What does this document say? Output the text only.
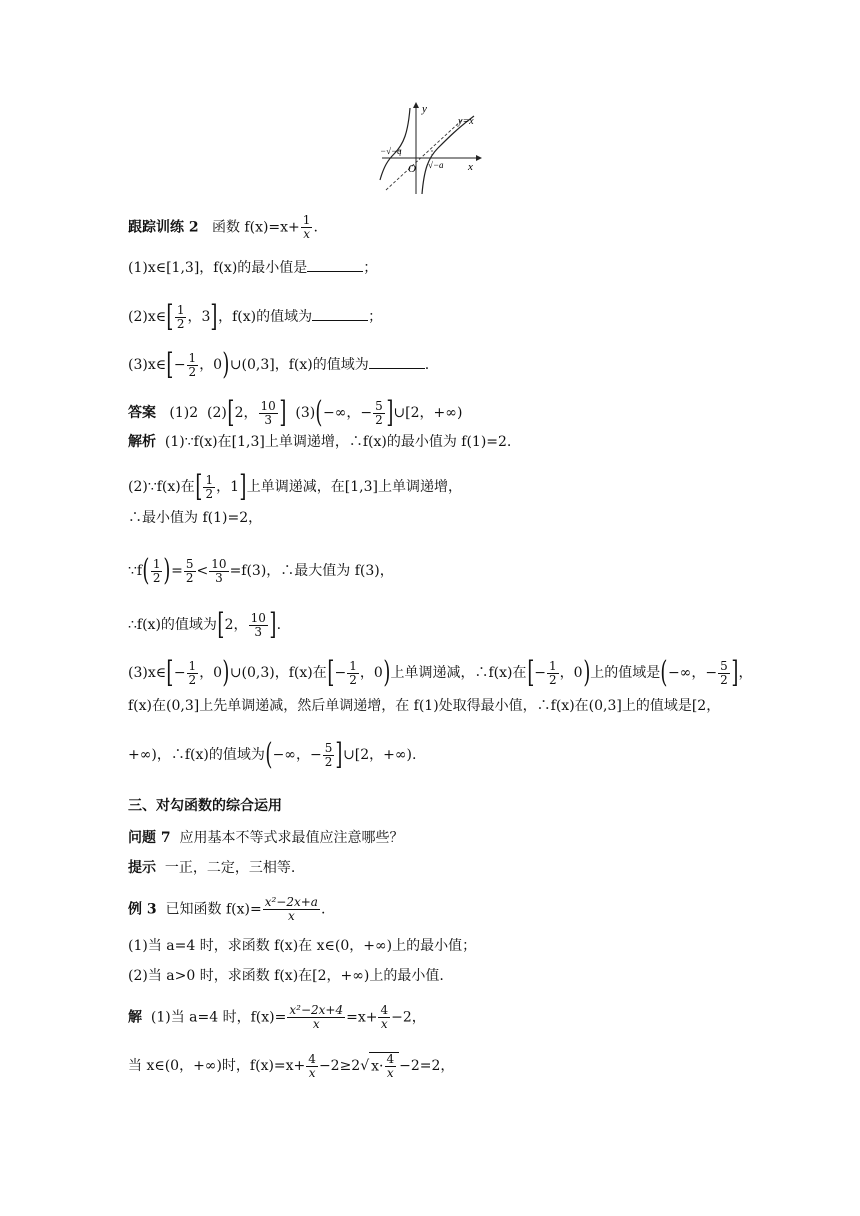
y
x
y=x
O
−√−a
√−a
跟踪训练 2 函数 $f(x)=x+ \frac{1}{x}$ .
(1)x∈[1,3]，f(x)的最小值是	；
(2)x∈[ $\frac{1}{2}$ ，3]，f(x)的值域为	；
(3)x∈[− $\frac{1}{2}$ ，0)∪(0,3]，f(x)的值域为	.
答案 (1)2 (2)[2， $\frac{10}{3}$ ] (3)(−∞，− $\frac{5}{2}$ ]∪[2，+∞)
解析 (1)∵f(x)在[1,3]上单调递增，∴f(x)的最小值为 f(1)=2.
(2)∵f(x)在[ $\frac{1}{2}$ ，1]上单调递减，在[1,3]上单调递增，
∴最小值为 f(1)=2，
∵f( $\frac{1}{2}$ )= $\frac{5}{2} < \frac{10}{3} =f(3)$，∴最大值为 f(3)，
∴f(x)的值域为[2， $\frac{10}{3}$ ].
(3)x∈[− $\frac{1}{2}$ ，0)∪(0,3)，f(x)在[− $\frac{1}{2}$ ，0)上单调递减，∴f(x)在[− $\frac{1}{2}$ ，0)上的值域是(−∞，− $\frac{5}{2}$ ]，
f(x)在(0,3]上先单调递减，然后单调递增，在 f(1)处取得最小值，∴f(x)在(0,3]上的值域是[2，
+∞)，∴f(x)的值域为(−∞，− $\frac{5}{2}$ ]∪[2，+∞).
三、对勾函数的综合运用
问题 7 应用基本不等式求最值应注意哪些？
提示 一正，二定，三相等.
例 3 已知函数 $f(x)= \frac{\text{x²−2x+a}}{x}$ .
(1)当 a=4 时，求函数 f(x)在 x∈(0，+∞)上的最小值；
(2)当 a>0 时，求函数 f(x)在[2，+∞)上的最小值.
解 (1)当 a=4 时，$f(x)= \frac{\text{x²−2x+4}}{x} =x+ \frac{4}{x} -2$，
当 x∈(0，+∞)时，$f(x)=x+ \frac{4}{x} -2\ge 2√$ $x\cdot \frac{4}{x} -2=2$，
